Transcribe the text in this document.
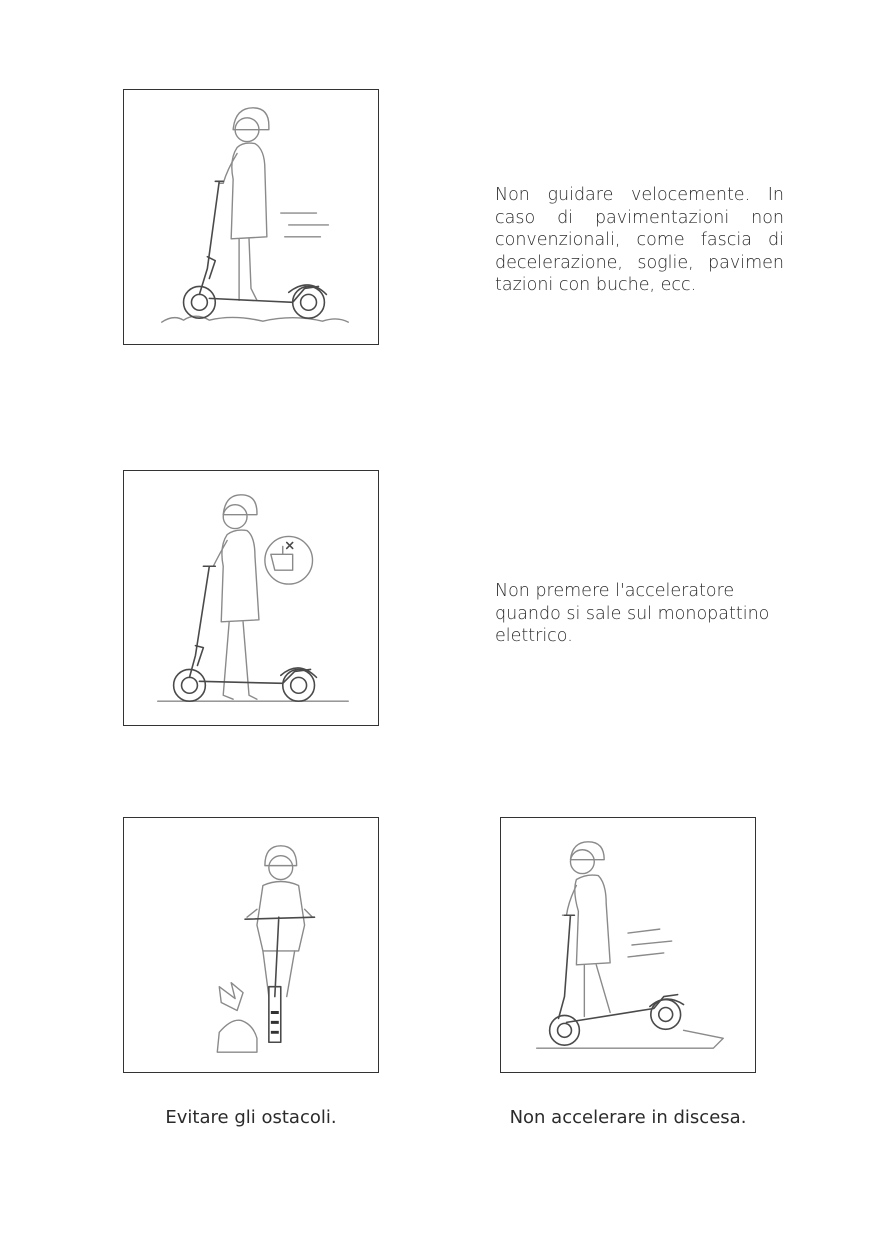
Non guidare velocemente. In caso di pavimentazioni non convenzionali, come fascia di decelerazione, soglie, pavimen tazioni con buche, ecc.
Non premere l'acceleratore quando si sale sul monopattino elettrico.
Evitare gli ostacoli.	Non accelerare in discesa.
